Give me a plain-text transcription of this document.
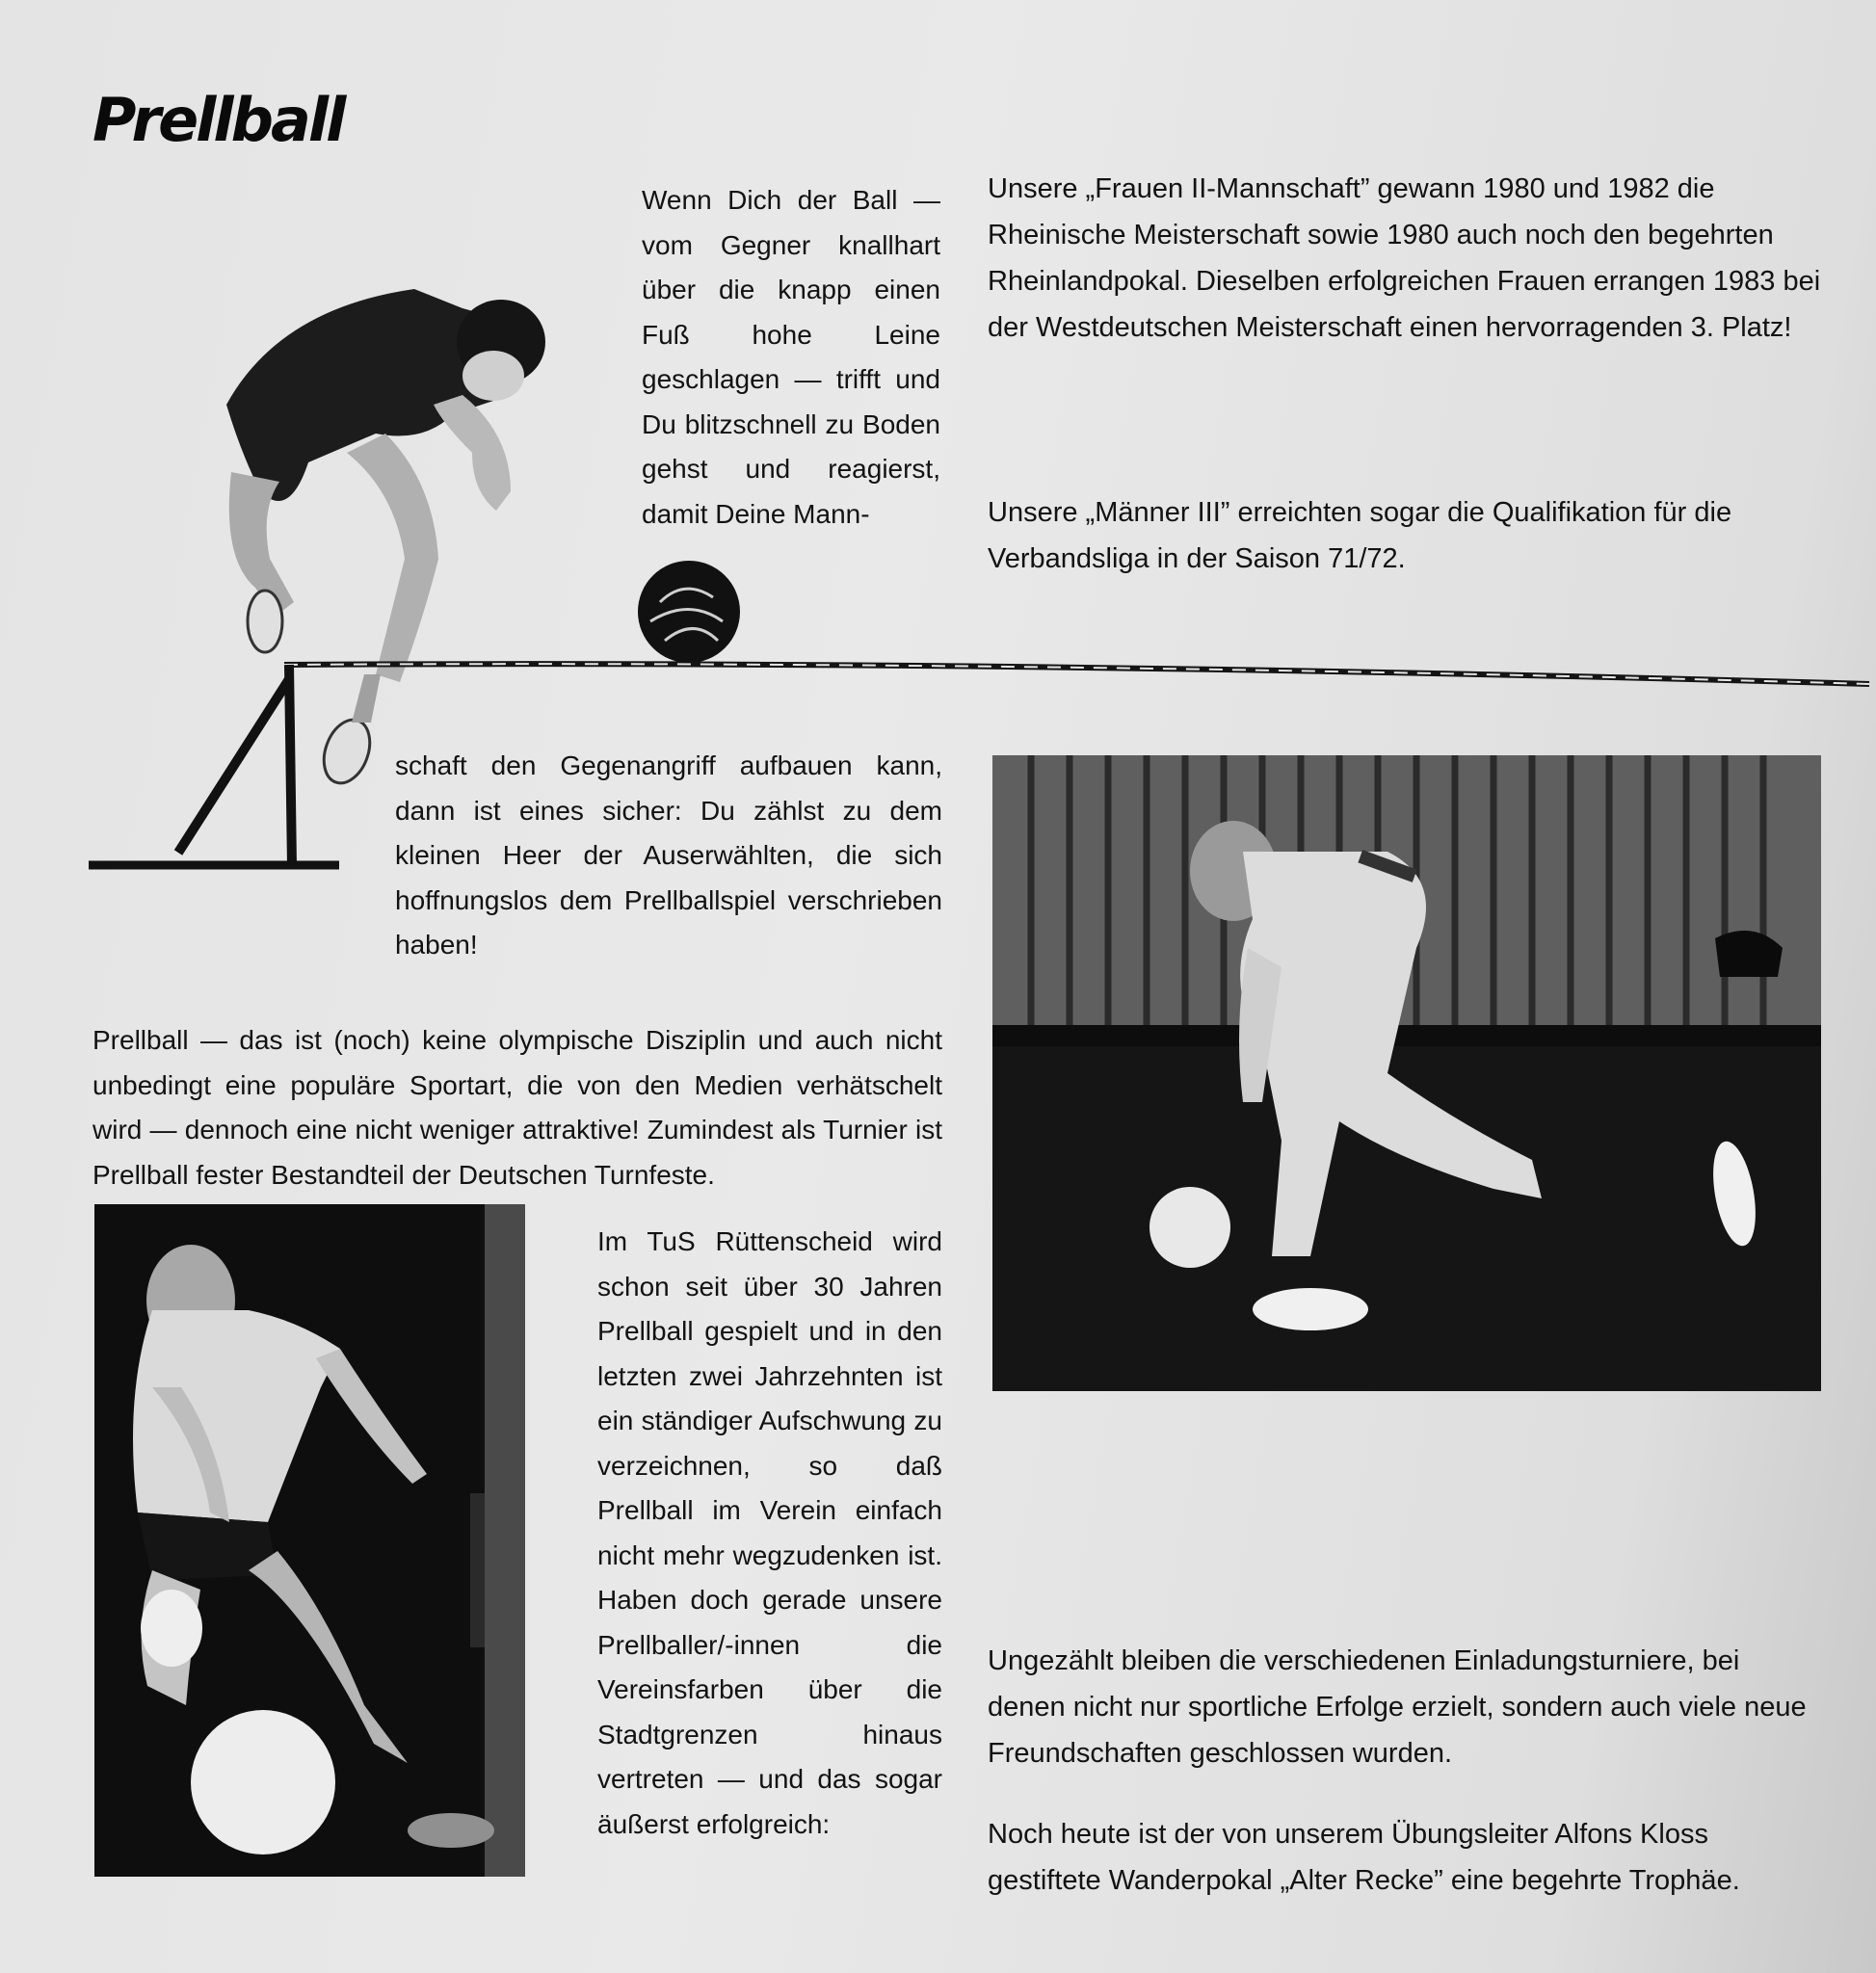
Prellball

Wenn Dich der Ball — vom Gegner knallhart über die knapp einen Fuß hohe Leine geschlagen — trifft und Du blitzschnell zu Boden gehst und reagierst, damit Deine Mann-

schaft den Gegenangriff aufbauen kann, dann ist eines sicher: Du zählst zu dem kleinen Heer der Auserwählten, die sich hoffnungslos dem Prellballspiel verschrieben haben!

Unsere „Frauen II-Mannschaft” gewann 1980 und 1982 die Rheinische Meisterschaft sowie 1980 auch noch den begehrten Rheinlandpokal. Dieselben erfolgreichen Frauen errangen 1983 bei der Westdeutschen Meisterschaft einen hervorragenden 3. Platz!

Unsere „Männer III” erreichten sogar die Qualifikation für die Verbandsliga in der Saison 71/72.

Prellball — das ist (noch) keine olympische Disziplin und auch nicht unbedingt eine populäre Sportart, die von den Medien verhätschelt wird — dennoch eine nicht weniger attraktive! Zumindest als Turnier ist Prellball fester Bestandteil der Deutschen Turnfeste.

Im TuS Rüttenscheid wird schon seit über 30 Jahren Prellball gespielt und in den letzten zwei Jahrzehnten ist ein ständiger Aufschwung zu verzeichnen, so daß Prellball im Verein einfach nicht mehr wegzudenken ist. Haben doch gerade unsere Prellballer/-innen die Vereinsfarben über die Stadtgrenzen hinaus vertreten — und das sogar äußerst erfolgreich:

Ungezählt bleiben die verschiedenen Einladungsturniere, bei denen nicht nur sportliche Erfolge erzielt, sondern auch viele neue Freundschaften geschlossen wurden.

Noch heute ist der von unserem Übungsleiter Alfons Kloss gestiftete Wanderpokal „Alter Recke” eine begehrte Trophäe.
